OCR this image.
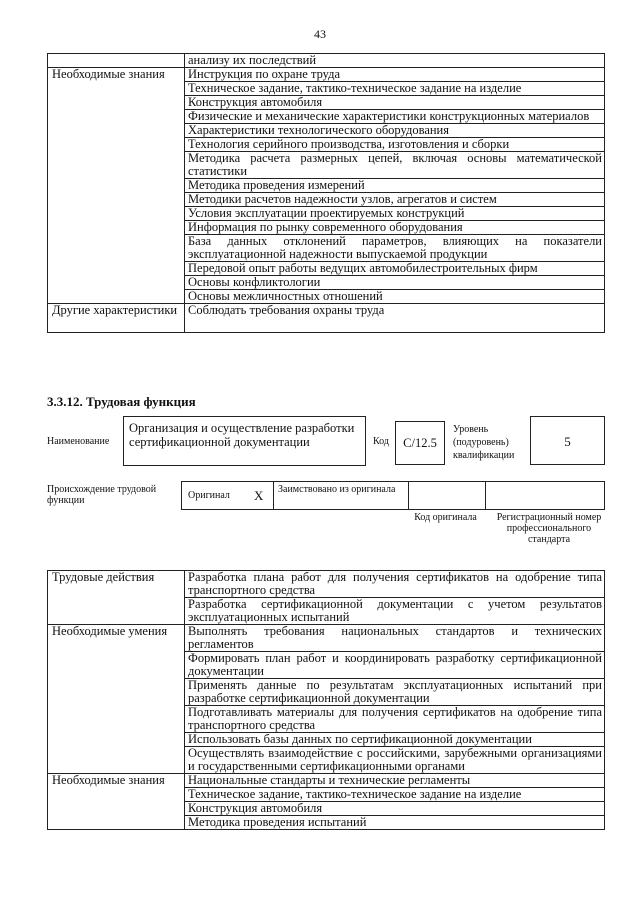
43
	анализу их последствий
Необходимые знания	Инструкция по охране труда
	Техническое задание, тактико-техническое задание на изделие
	Конструкция автомобиля
	Физические и механические характеристики конструкционных материалов
	Характеристики технологического оборудования
	Технология серийного производства, изготовления и сборки
	Методика расчета размерных цепей, включая основы математической статистики
	Методика проведения измерений
	Методики расчетов надежности узлов, агрегатов и систем
	Условия эксплуатации проектируемых конструкций
	Информация по рынку современного оборудования
	База данных отклонений параметров, влияющих на показатели эксплуатационной надежности выпускаемой продукции
	Передовой опыт работы ведущих автомобилестроительных фирм
	Основы конфликтологии
	Основы межличностных отношений
Другие характеристики	Соблюдать требования охраны труда
3.3.12. Трудовая функция
Наименование
Организация и осуществление разработки сертификационной документации	Код	С/12.5
Уровень (подуровень) квалификации
5
Происхождение трудовой функции	Оригинал X Заимствовано из оригинала
Код оригинала	Регистрационный номер профессионального стандарта
Трудовые действия	Разработка плана работ для получения сертификатов на одобрение типа транспортного средства
	Разработка сертификационной документации с учетом результатов эксплуатационных испытаний
Необходимые умения	Выполнять требования национальных стандартов и технических регламентов
	Формировать план работ и координировать разработку сертификационной документации
	Применять данные по результатам эксплуатационных испытаний при разработке сертификационной документации
	Подготавливать материалы для получения сертификатов на одобрение типа транспортного средства
	Использовать базы данных по сертификационной документации
	Осуществлять взаимодействие с российскими, зарубежными организациями и государственными сертификационными органами
Необходимые знания	Национальные стандарты и технические регламенты
	Техническое задание, тактико-техническое задание на изделие
	Конструкция автомобиля
	Методика проведения испытаний
